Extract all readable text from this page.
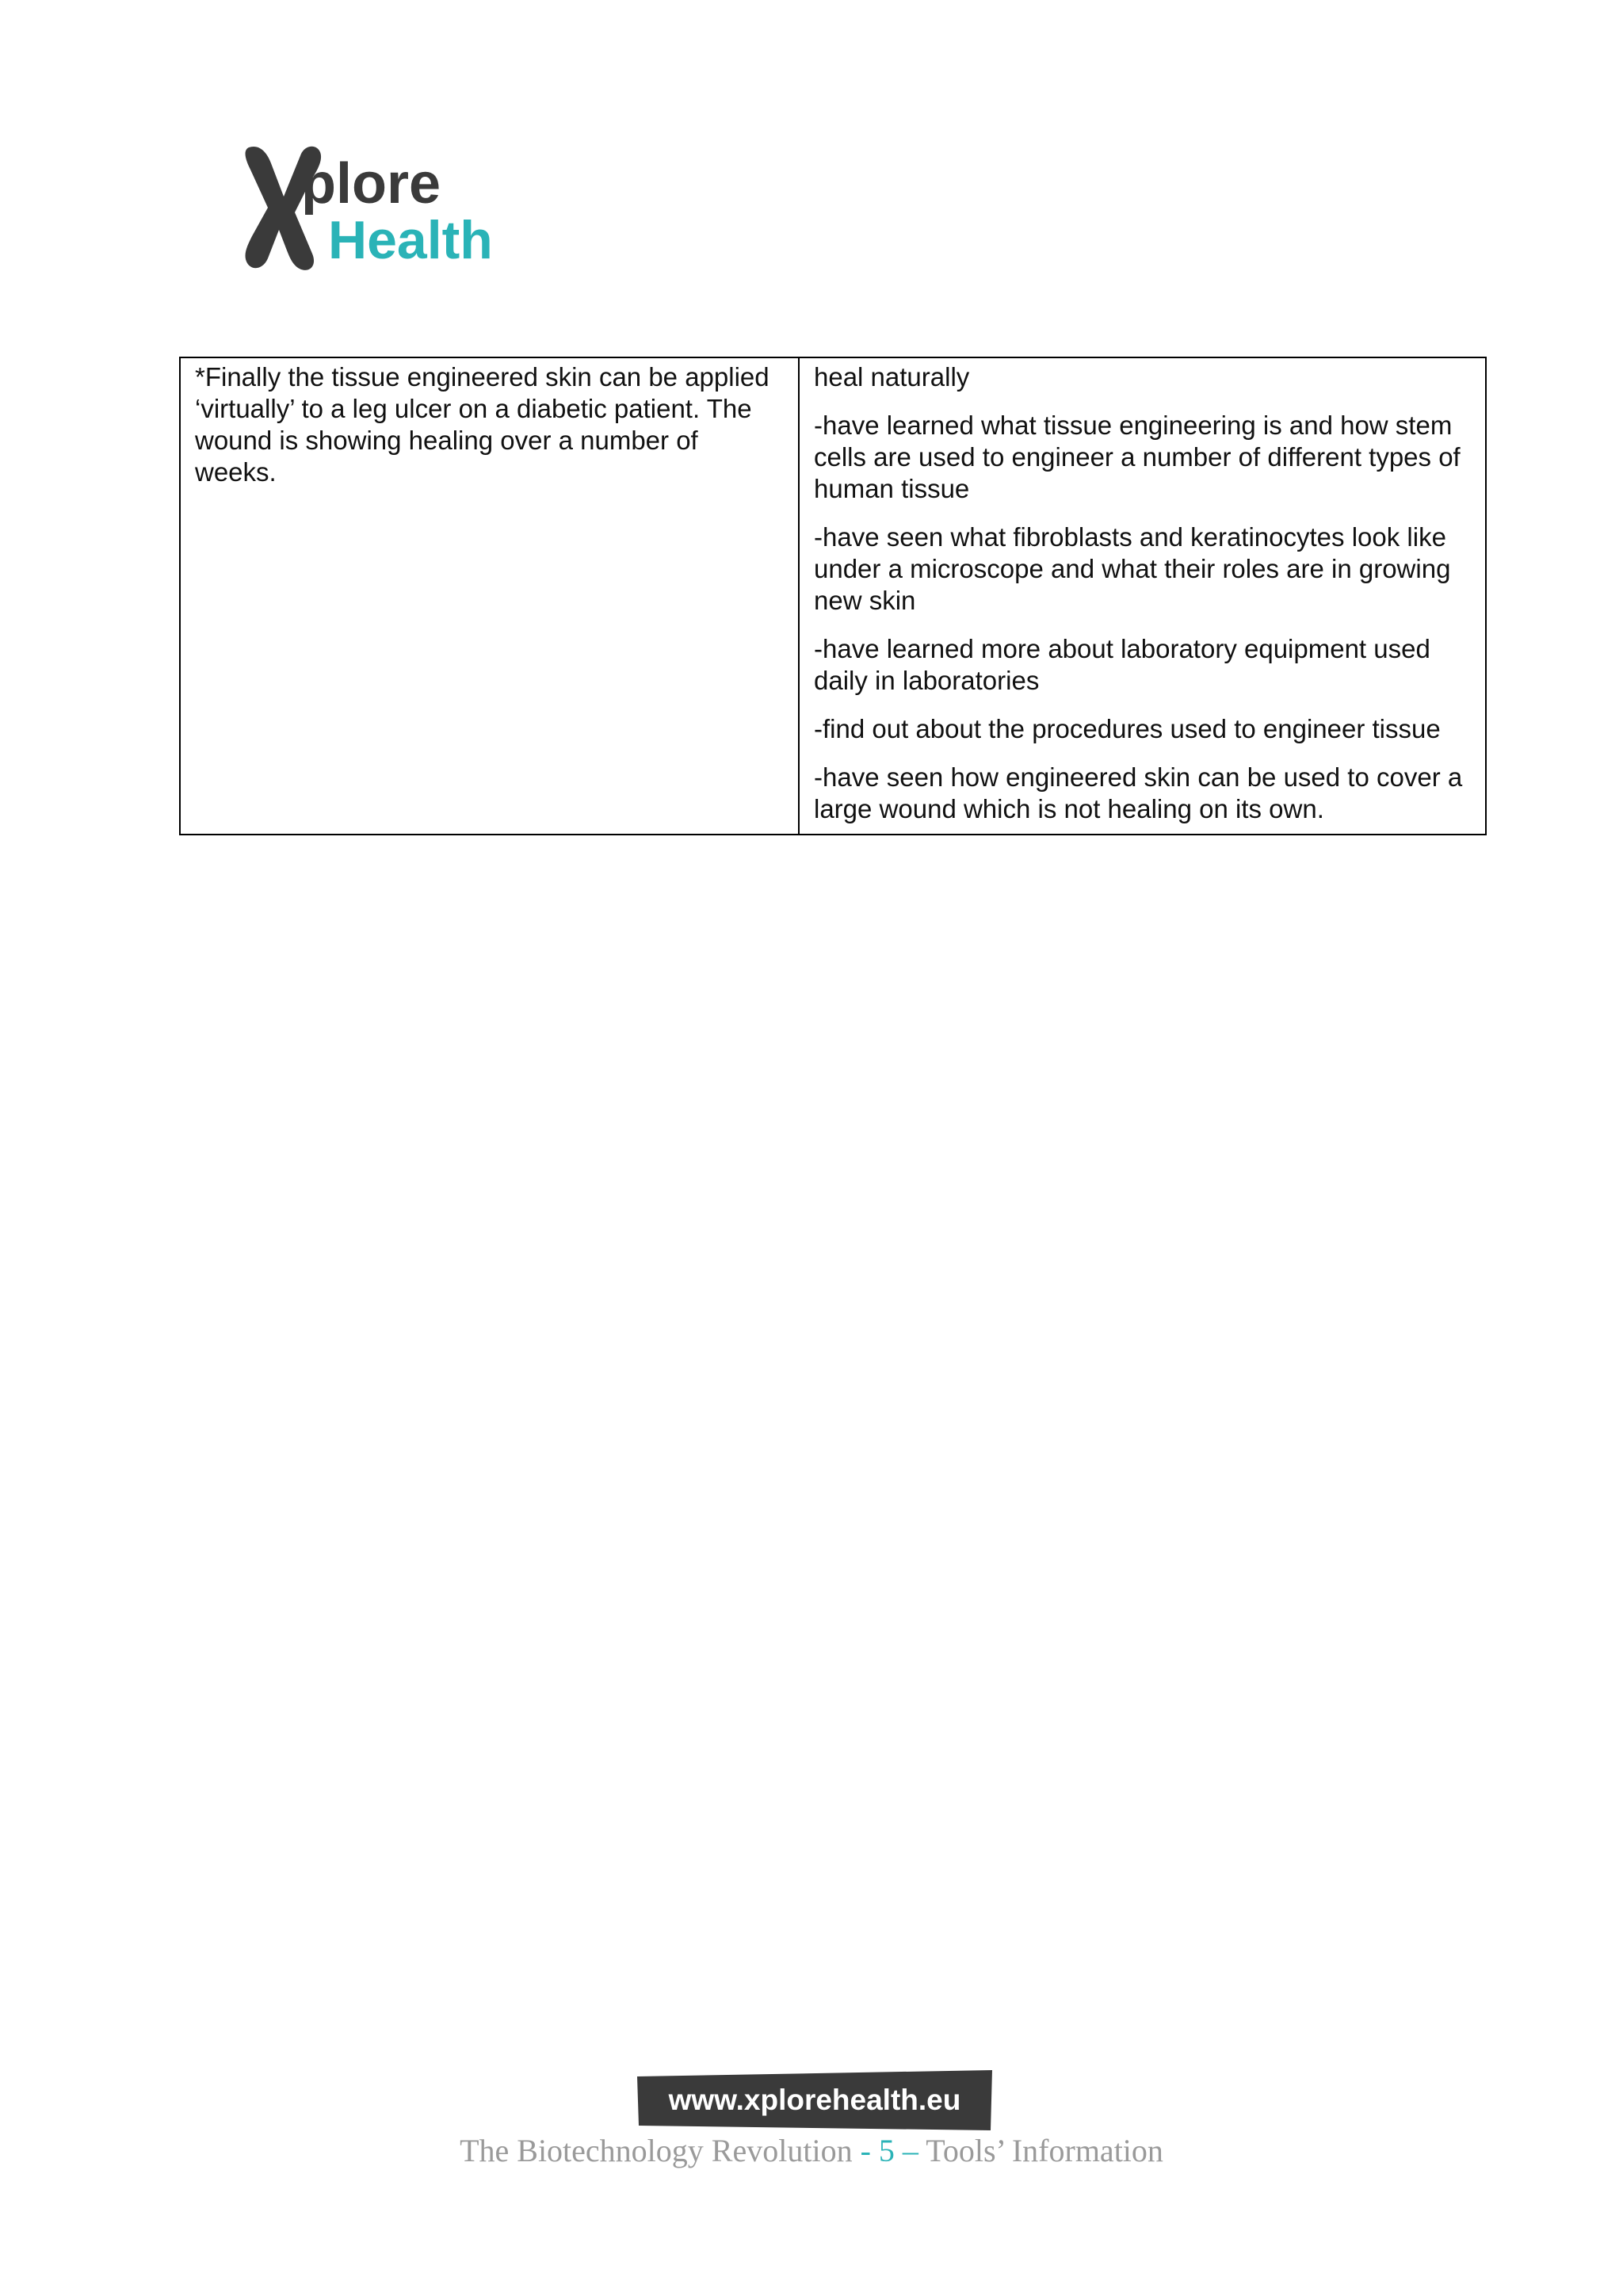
plore
Health
*Finally the tissue engineered skin can be applied ‘virtually’ to a leg ulcer on a diabetic patient. The wound is showing healing over a number of weeks.

heal naturally

-have learned what tissue engineering is and how stem cells are used to engineer a number of different types of human tissue

-have seen what fibroblasts and keratinocytes look like under a microscope and what their roles are in growing new skin

-have learned more about laboratory equipment used daily in laboratories

-find out about the procedures used to engineer tissue

-have seen how engineered skin can be used to cover a large wound which is not healing on its own.

www.xplorehealth.eu
The Biotechnology Revolution - 5 – Tools’ Information
